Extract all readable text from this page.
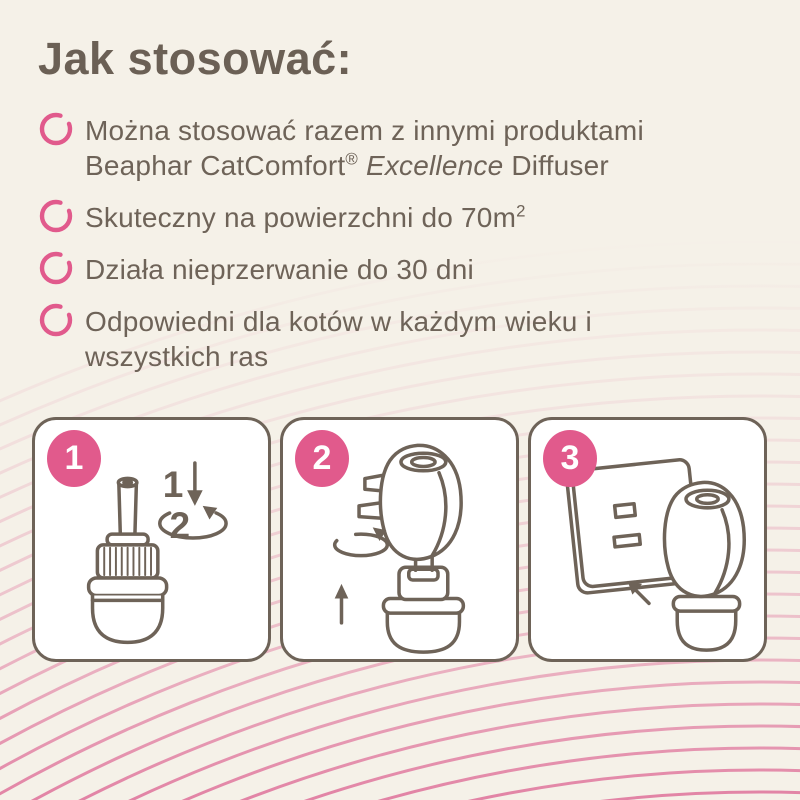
Jak stosować:
Można stosować razem z innymi produktami
Beaphar CatComfort® Excellence Diffuser
Skuteczny na powierzchni do $70m^2$
Działa nieprzerwanie do 30 dni
Odpowiedni dla kotów w każdym wieku i
wszystkich ras
1
1
2
2	3
